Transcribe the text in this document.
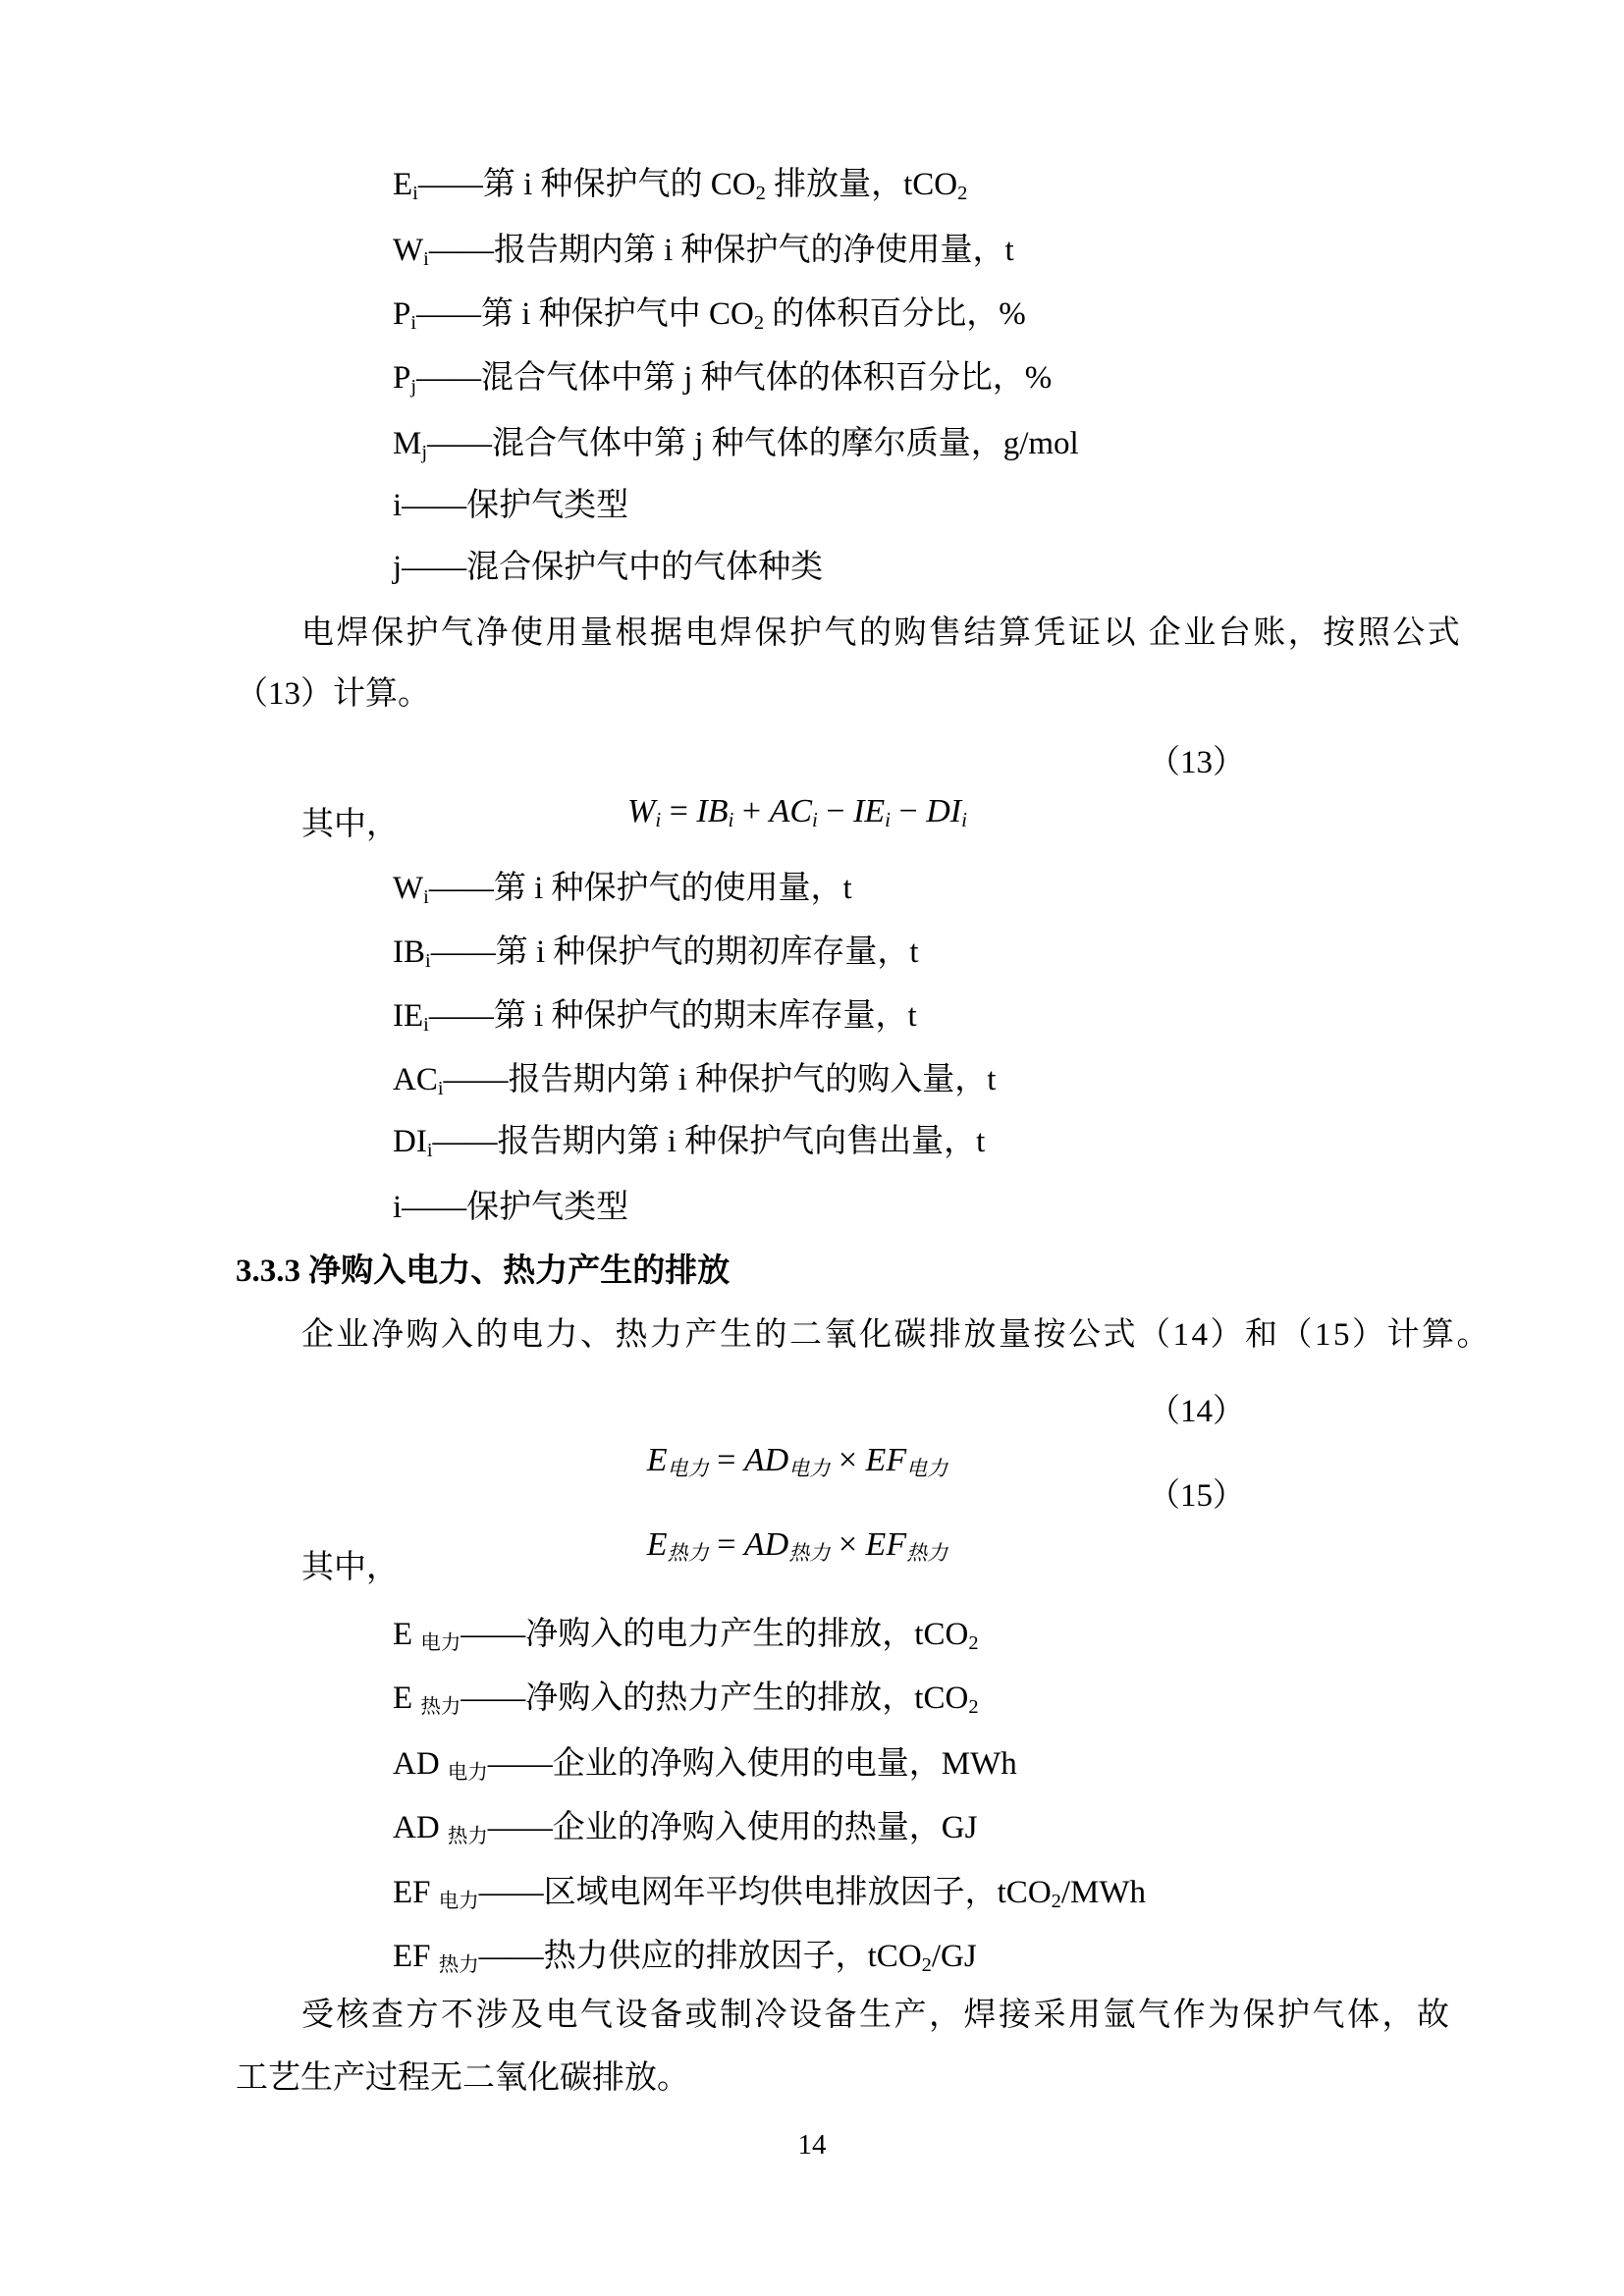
$E_i——$第 i 种保护气的 $CO_2$ 排放量，tCO$_2$
$W_i——$报告期内第 i 种保护气的净使用量，t
$P_i——$第 i 种保护气中 $CO_2$ 的体积百分比，%
$P_j——$混合气体中第 j 种气体的体积百分比，%
$M_j——$混合气体中第 j 种气体的摩尔质量，g/mol
i——保护气类型
j——混合保护气中的气体种类
电焊保护气净使用量根据电焊保护气的购售结算凭证以 企业台账，按照公式
（13）计算。

$W_i = IB_i + AC_i - IE_i - DI_i$

（13）

其中，
$W_i——$第 i 种保护气的使用量，t
$IB_i——$第 i 种保护气的期初库存量，t
$IE_i——$第 i 种保护气的期末库存量，t
$AC_i——$报告期内第 i 种保护气的购入量，t
$DI_i——$报告期内第 i 种保护气向售出量，t
i——保护气类型
3.3.3 净购入电力、热力产生的排放
企业净购入的电力、热力产生的二氧化碳排放量按公式（14）和（15）计算。

$E_{电力} = AD_{电力} \times EF_{电力}$

（14）

$E_{热力} = AD_{热力} \times EF_{热力}$

（15）

其中，
E $_{电力}$——净购入的电力产生的排放，tCO$_2$
E $_{热力}$——净购入的热力产生的排放，tCO$_2$
AD $_{电力}$——企业的净购入使用的电量，MWh
AD $_{热力}$——企业的净购入使用的热量，GJ
EF $_{电力}$——区域电网年平均供电排放因子，tCO$_2$/MWh
EF $_{热力}$——热力供应的排放因子，tCO$_2$/GJ
受核查方不涉及电气设备或制冷设备生产，焊接采用氩气作为保护气体，故
工艺生产过程无二氧化碳排放。
14
